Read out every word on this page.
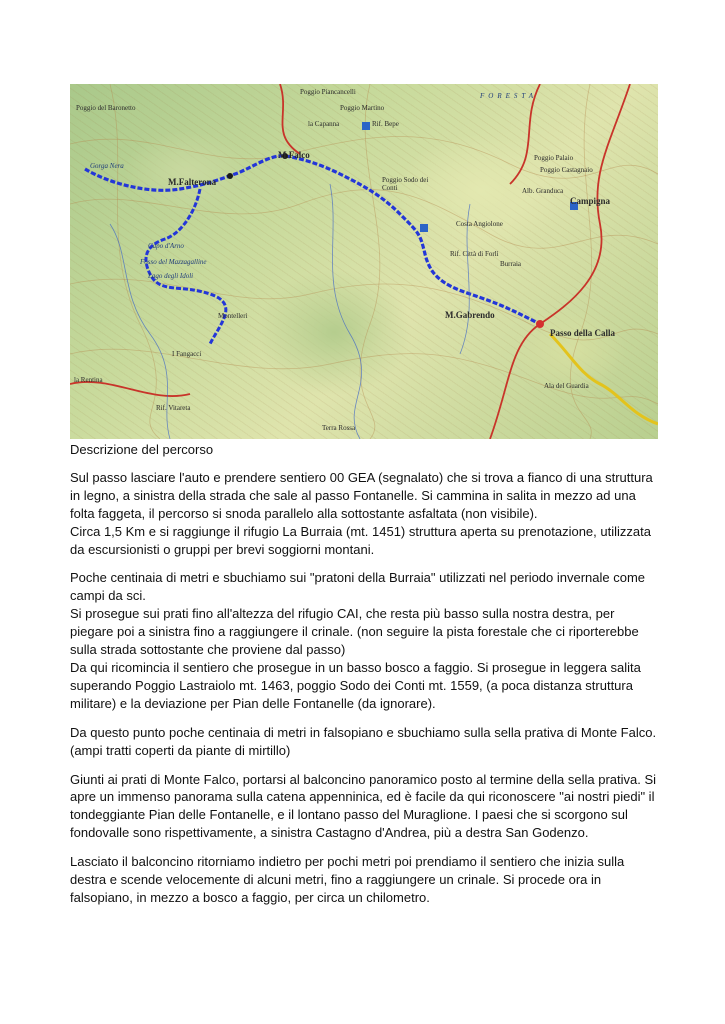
Poggio Piancancelli
Poggio Martino
Rif. Bepe
la Capanna
M.Falco
M.Falterona	Poggio Sodo dei Conti
Poggio Palaio
Poggio Castagnaio
Campigna
Alb. Granduca
Costa Angiolone
Rif. Città di Forlì
Burraia
Lago degli Idoli
Capo d'Arno
Fosso del Mazzagalline
Montelleri	M.Gabrendo
Passo della Calla
I Fangacci
Rif. Vitareta
la Rentina
Terra Rossa
Gorga Nera
Poggio del Baronetto
FORESTA
Ala del Guardia

Descrizione del percorso

Sul passo lasciare l'auto e prendere sentiero 00 GEA (segnalato) che si trova a fianco di una struttura in legno, a sinistra della strada che sale al passo Fontanelle. Si cammina in salita in mezzo ad una folta faggeta, il percorso si snoda parallelo alla sottostante asfaltata (non visibile).
Circa 1,5 Km e si raggiunge il rifugio La Burraia (mt. 1451) struttura aperta su prenotazione, utilizzata da escursionisti o gruppi per brevi soggiorni montani.

Poche centinaia di metri e sbuchiamo sui "pratoni della Burraia" utilizzati nel periodo invernale come campi da sci.
Si prosegue sui prati fino all'altezza del rifugio CAI, che resta più basso sulla nostra destra, per piegare poi a sinistra fino a raggiungere il crinale. (non seguire la pista forestale che ci riporterebbe sulla strada sottostante che proviene dal passo)
Da qui ricomincia il sentiero che prosegue in un basso bosco a faggio. Si prosegue in leggera salita superando Poggio Lastraiolo mt. 1463, poggio Sodo dei Conti mt. 1559, (a poca distanza struttura militare) e la deviazione per Pian delle Fontanelle (da ignorare).

Da questo punto poche centinaia di metri in falsopiano e sbuchiamo sulla sella prativa di Monte Falco.
(ampi tratti coperti da piante di mirtillo)

Giunti ai prati di Monte Falco, portarsi al balconcino panoramico posto al termine della sella prativa. Si apre un immenso panorama sulla catena appenninica, ed è facile da qui riconoscere "ai nostri piedi" il tondeggiante Pian delle Fontanelle, e il lontano passo del Muraglione. I paesi che si scorgono sul fondovalle sono rispettivamente, a sinistra Castagno d'Andrea, più a destra San Godenzo.

Lasciato il balconcino ritorniamo indietro per pochi metri poi prendiamo il sentiero che inizia sulla destra e scende velocemente di alcuni metri, fino a raggiungere un crinale. Si procede ora in falsopiano, in mezzo a bosco a faggio, per circa un chilometro.
